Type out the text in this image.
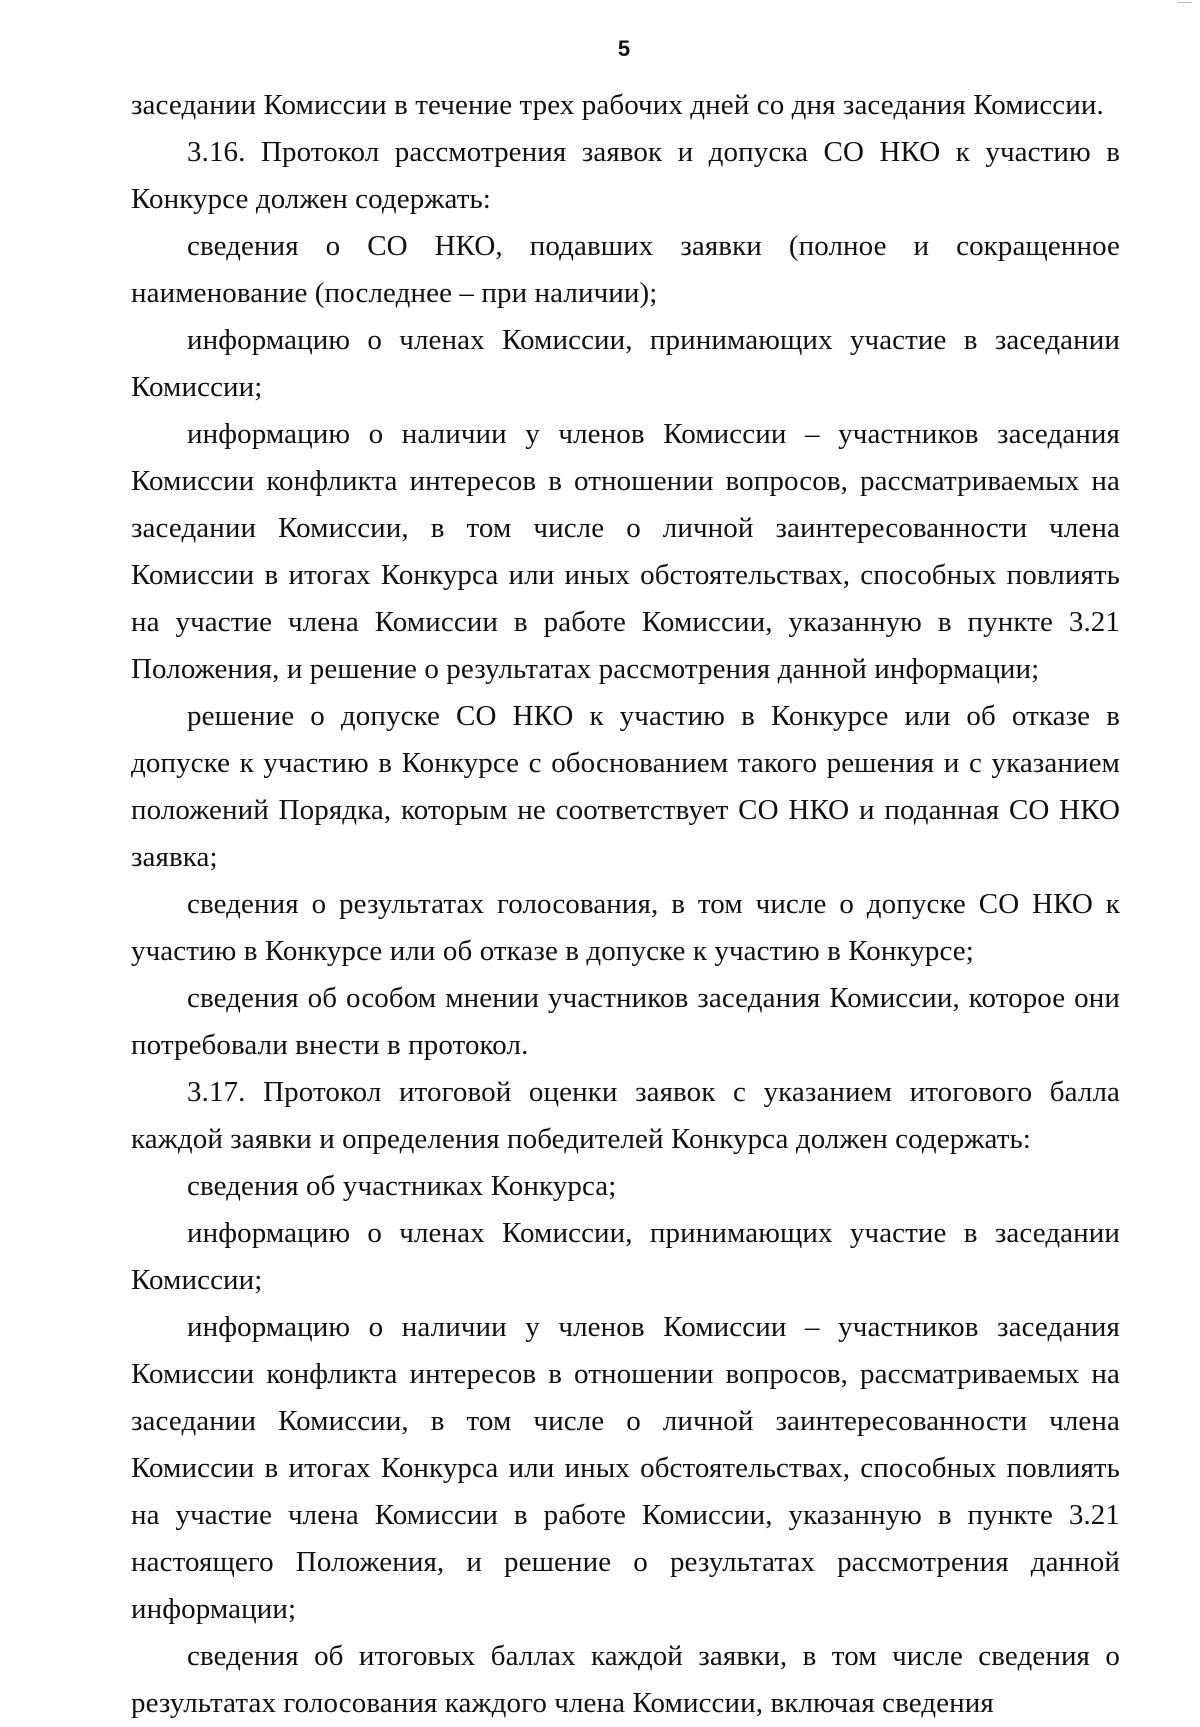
5

заседании Комиссии в течение трех рабочих дней со дня заседания Комиссии.

3.16. Протокол рассмотрения заявок и допуска СО НКО к участию в Конкурсе должен содержать:

сведения о СО НКО, подавших заявки (полное и сокращенное наименование (последнее – при наличии);

информацию о членах Комиссии, принимающих участие в заседании Комиссии;

информацию о наличии у членов Комиссии – участников заседания Комиссии конфликта интересов в отношении вопросов, рассматриваемых на заседании Комиссии, в том числе о личной заинтересованности члена Комиссии в итогах Конкурса или иных обстоятельствах, способных повлиять на участие члена Комиссии в работе Комиссии, указанную в пункте 3.21 Положения, и решение о результатах рассмотрения данной информации;

решение о допуске СО НКО к участию в Конкурсе или об отказе в допуске к участию в Конкурсе с обоснованием такого решения и с указанием положений Порядка, которым не соответствует СО НКО и поданная СО НКО заявка;

сведения о результатах голосования, в том числе о допуске СО НКО к участию в Конкурсе или об отказе в допуске к участию в Конкурсе;

сведения об особом мнении участников заседания Комиссии, которое они потребовали внести в протокол.

3.17. Протокол итоговой оценки заявок с указанием итогового балла каждой заявки и определения победителей Конкурса должен содержать:

сведения об участниках Конкурса;

информацию о членах Комиссии, принимающих участие в заседании Комиссии;

информацию о наличии у членов Комиссии – участников заседания Комиссии конфликта интересов в отношении вопросов, рассматриваемых на заседании Комиссии, в том числе о личной заинтересованности члена Комиссии в итогах Конкурса или иных обстоятельствах, способных повлиять на участие члена Комиссии в работе Комиссии, указанную в пункте 3.21 настоящего Положения, и решение о результатах рассмотрения данной информации;

сведения об итоговых баллах каждой заявки, в том числе сведения о результатах голосования каждого члена Комиссии, включая сведения
